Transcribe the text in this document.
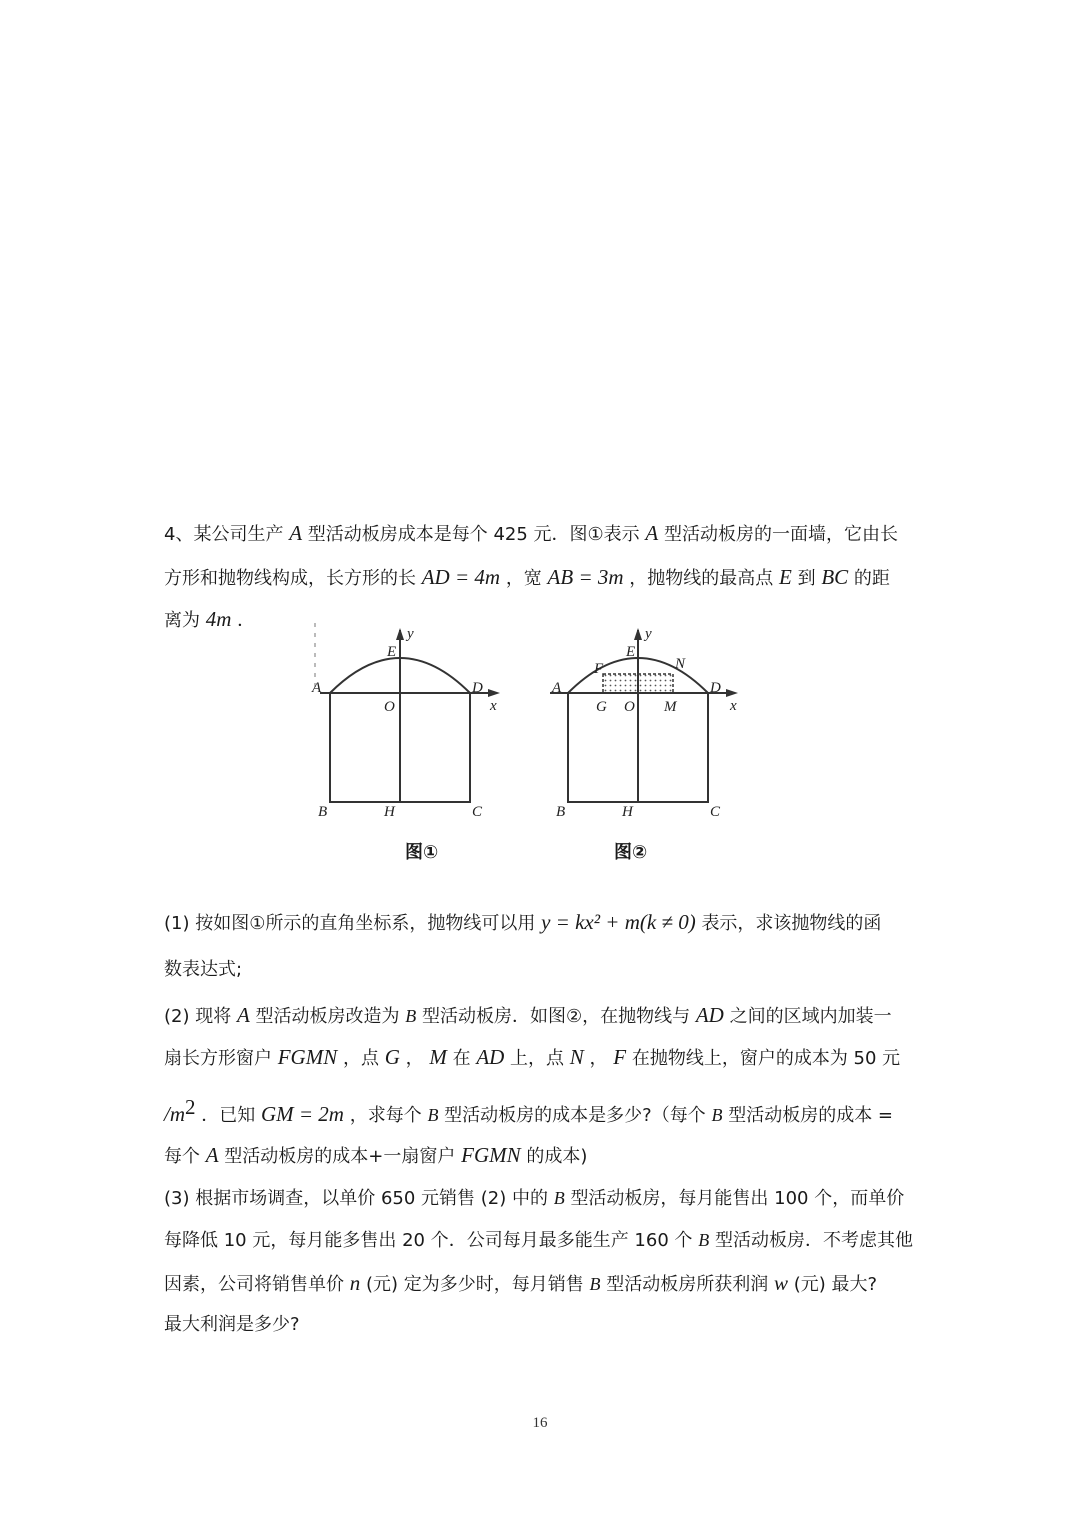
4、某公司生产 A 型活动板房成本是每个 425 元．图①表示 A 型活动板房的一面墙，它由长
方形和抛物线构成，长方形的长 AD = 4m ，宽 AB = 3m ，抛物线的最高点 E 到 BC 的距
离为 4m ．
A	D
E
y
x
O
B	H	C
图①
A	D
E
F	N
y
x
G O M
B	H	C
图②
(1) 按如图①所示的直角坐标系，抛物线可以用 y = kx² + m(k ≠ 0) 表示，求该抛物线的函
数表达式;
(2) 现将 A 型活动板房改造为 B 型活动板房．如图②，在抛物线与 AD 之间的区域内加装一
扇长方形窗户 FGMN ，点 G ， M 在 AD 上，点 N ， F 在抛物线上，窗户的成本为 50 元
$/m^2$ ．已知 GM = 2m ，求每个 B 型活动板房的成本是多少?（每个 B 型活动板房的成本 =
每个 A 型活动板房的成本+一扇窗户 FGMN 的成本)
(3) 根据市场调查，以单价 650 元销售 (2) 中的 B 型活动板房，每月能售出 100 个，而单价
每降低 10 元，每月能多售出 20 个．公司每月最多能生产 160 个 B 型活动板房．不考虑其他
因素，公司将销售单价 n (元) 定为多少时，每月销售 B 型活动板房所获利润 w (元) 最大?
最大利润是多少?
16
